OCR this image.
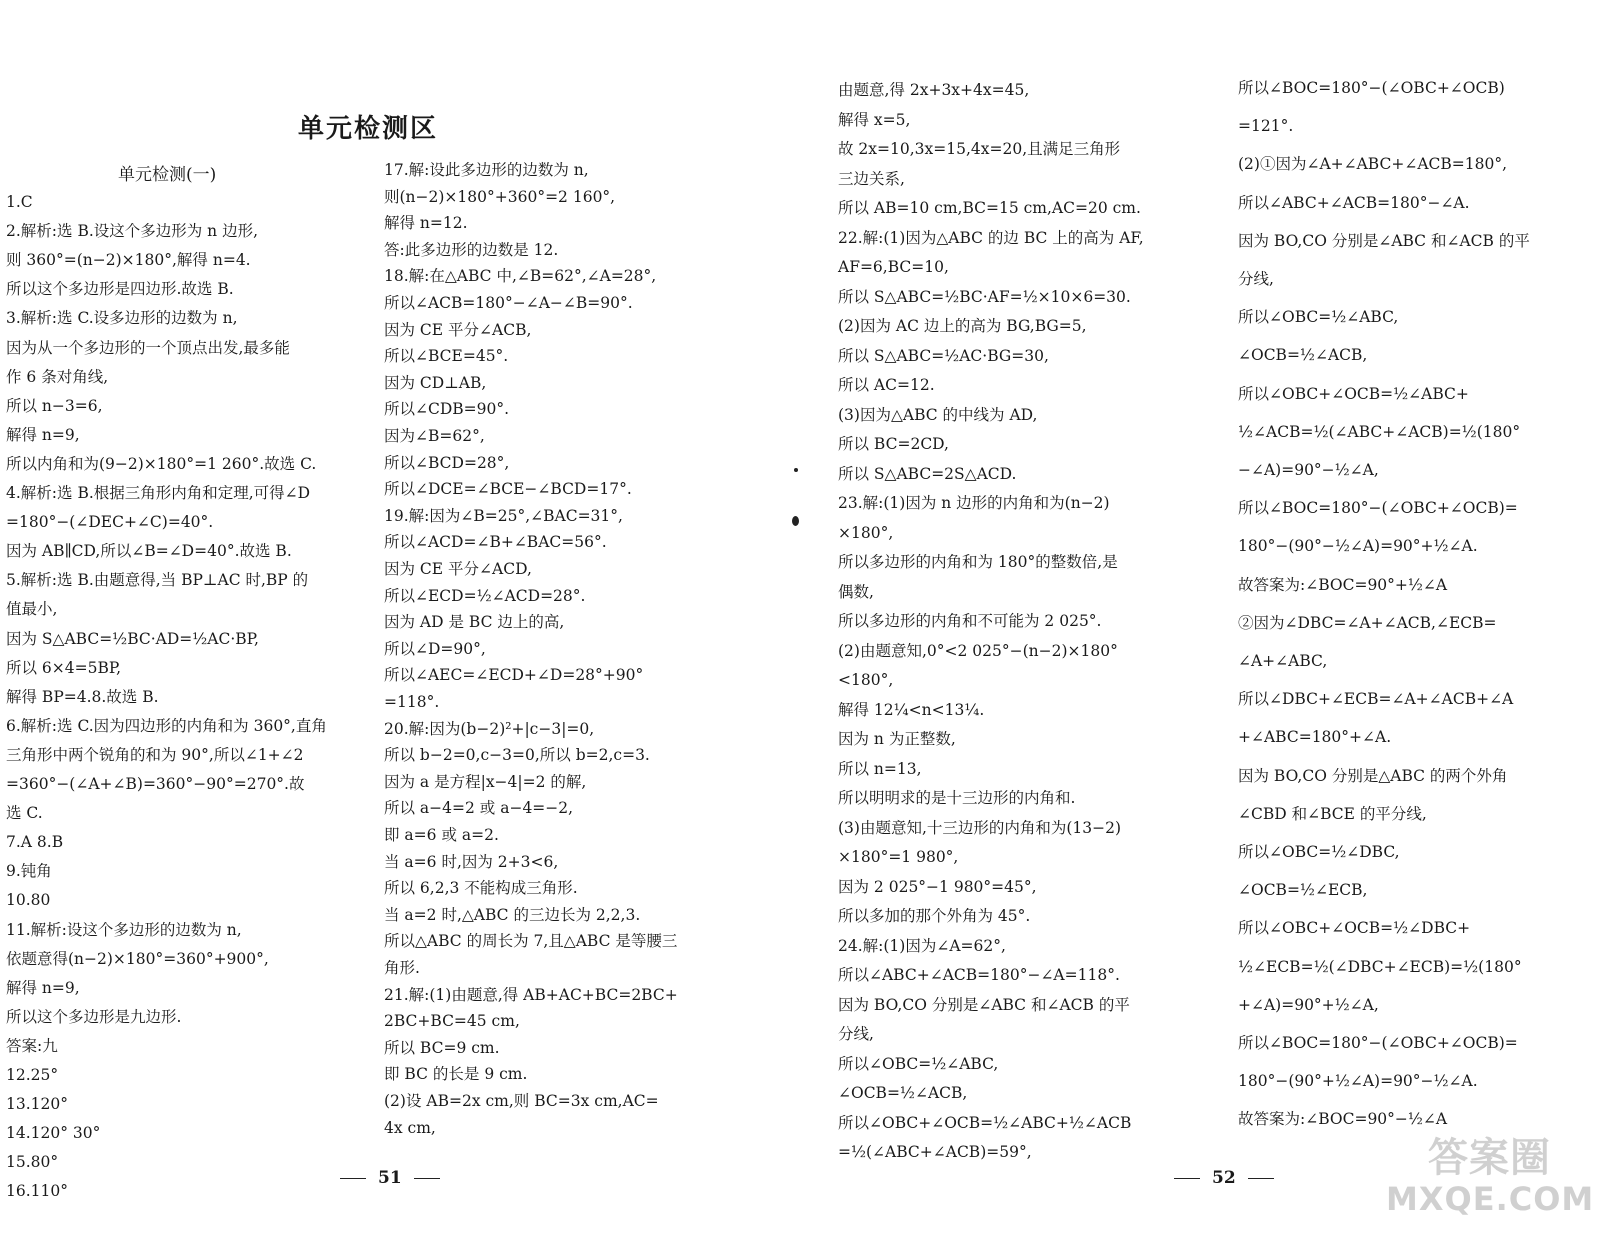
单元检测区
单元检测(一)
1.C
2.解析:选 B.设这个多边形为 n 边形,
则 360°=(n−2)×180°,解得 n=4.
所以这个多边形是四边形.故选 B.
3.解析:选 C.设多边形的边数为 n,
因为从一个多边形的一个顶点出发,最多能
作 6 条对角线,
所以 n−3=6,
解得 n=9,
所以内角和为(9−2)×180°=1 260°.故选 C.
4.解析:选 B.根据三角形内角和定理,可得∠D
=180°−(∠DEC+∠C)=40°.
因为 AB∥CD,所以∠B=∠D=40°.故选 B.
5.解析:选 B.由题意得,当 BP⊥AC 时,BP 的
值最小,
因为 S△ABC=½BC·AD=½AC·BP,
所以 6×4=5BP,
解得 BP=4.8.故选 B.
6.解析:选 C.因为四边形的内角和为 360°,直角
三角形中两个锐角的和为 90°,所以∠1+∠2
=360°−(∠A+∠B)=360°−90°=270°.故
选 C.
7.A 8.B
9.钝角
10.80
11.解析:设这个多边形的边数为 n,
依题意得(n−2)×180°=360°+900°,
解得 n=9,
所以这个多边形是九边形.
答案:九
12.25°
13.120°
14.120° 30°
15.80°
16.110°
17.解:设此多边形的边数为 n,
则(n−2)×180°+360°=2 160°,
解得 n=12.
答:此多边形的边数是 12.
18.解:在△ABC 中,∠B=62°,∠A=28°,
所以∠ACB=180°−∠A−∠B=90°.
因为 CE 平分∠ACB,
所以∠BCE=45°.
因为 CD⊥AB,
所以∠CDB=90°.
因为∠B=62°,
所以∠BCD=28°,
所以∠DCE=∠BCE−∠BCD=17°.
19.解:因为∠B=25°,∠BAC=31°,
所以∠ACD=∠B+∠BAC=56°.
因为 CE 平分∠ACD,
所以∠ECD=½∠ACD=28°.
因为 AD 是 BC 边上的高,
所以∠D=90°,
所以∠AEC=∠ECD+∠D=28°+90°
=118°.
20.解:因为(b−2)²+|c−3|=0,
所以 b−2=0,c−3=0,所以 b=2,c=3.
因为 a 是方程|x−4|=2 的解,
所以 a−4=2 或 a−4=−2,
即 a=6 或 a=2.
当 a=6 时,因为 2+3<6,
所以 6,2,3 不能构成三角形.
当 a=2 时,△ABC 的三边长为 2,2,3.
所以△ABC 的周长为 7,且△ABC 是等腰三
角形.
21.解:(1)由题意,得 AB+AC+BC=2BC+
2BC+BC=45 cm,
所以 BC=9 cm.
即 BC 的长是 9 cm.
(2)设 AB=2x cm,则 BC=3x cm,AC=
4x cm,
51
由题意,得 2x+3x+4x=45,
解得 x=5,
故 2x=10,3x=15,4x=20,且满足三角形
三边关系,
所以 AB=10 cm,BC=15 cm,AC=20 cm.
22.解:(1)因为△ABC 的边 BC 上的高为 AF,
AF=6,BC=10,
所以 S△ABC=½BC·AF=½×10×6=30.
(2)因为 AC 边上的高为 BG,BG=5,
所以 S△ABC=½AC·BG=30,
所以 AC=12.
(3)因为△ABC 的中线为 AD,
所以 BC=2CD,
所以 S△ABC=2S△ACD.
23.解:(1)因为 n 边形的内角和为(n−2)
×180°,
所以多边形的内角和为 180°的整数倍,是
偶数,
所以多边形的内角和不可能为 2 025°.
(2)由题意知,0°<2 025°−(n−2)×180°
<180°,
解得 12¼<n<13¼.
因为 n 为正整数,
所以 n=13,
所以明明求的是十三边形的内角和.
(3)由题意知,十三边形的内角和为(13−2)
×180°=1 980°,
因为 2 025°−1 980°=45°,
所以多加的那个外角为 45°.
24.解:(1)因为∠A=62°,
所以∠ABC+∠ACB=180°−∠A=118°.
因为 BO,CO 分别是∠ABC 和∠ACB 的平
分线,
所以∠OBC=½∠ABC,
∠OCB=½∠ACB,
所以∠OBC+∠OCB=½∠ABC+½∠ACB
=½(∠ABC+∠ACB)=59°,
所以∠BOC=180°−(∠OBC+∠OCB)
=121°.
(2)①因为∠A+∠ABC+∠ACB=180°,
所以∠ABC+∠ACB=180°−∠A.
因为 BO,CO 分别是∠ABC 和∠ACB 的平
分线,
所以∠OBC=½∠ABC,
∠OCB=½∠ACB,
所以∠OBC+∠OCB=½∠ABC+
½∠ACB=½(∠ABC+∠ACB)=½(180°
−∠A)=90°−½∠A,
所以∠BOC=180°−(∠OBC+∠OCB)=
180°−(90°−½∠A)=90°+½∠A.
故答案为:∠BOC=90°+½∠A
②因为∠DBC=∠A+∠ACB,∠ECB=
∠A+∠ABC,
所以∠DBC+∠ECB=∠A+∠ACB+∠A
+∠ABC=180°+∠A.
因为 BO,CO 分别是△ABC 的两个外角
∠CBD 和∠BCE 的平分线,
所以∠OBC=½∠DBC,
∠OCB=½∠ECB,
所以∠OBC+∠OCB=½∠DBC+
½∠ECB=½(∠DBC+∠ECB)=½(180°
+∠A)=90°+½∠A,
所以∠BOC=180°−(∠OBC+∠OCB)=
180°−(90°+½∠A)=90°−½∠A.
故答案为:∠BOC=90°−½∠A
52	答案圈
MXQE.COM
